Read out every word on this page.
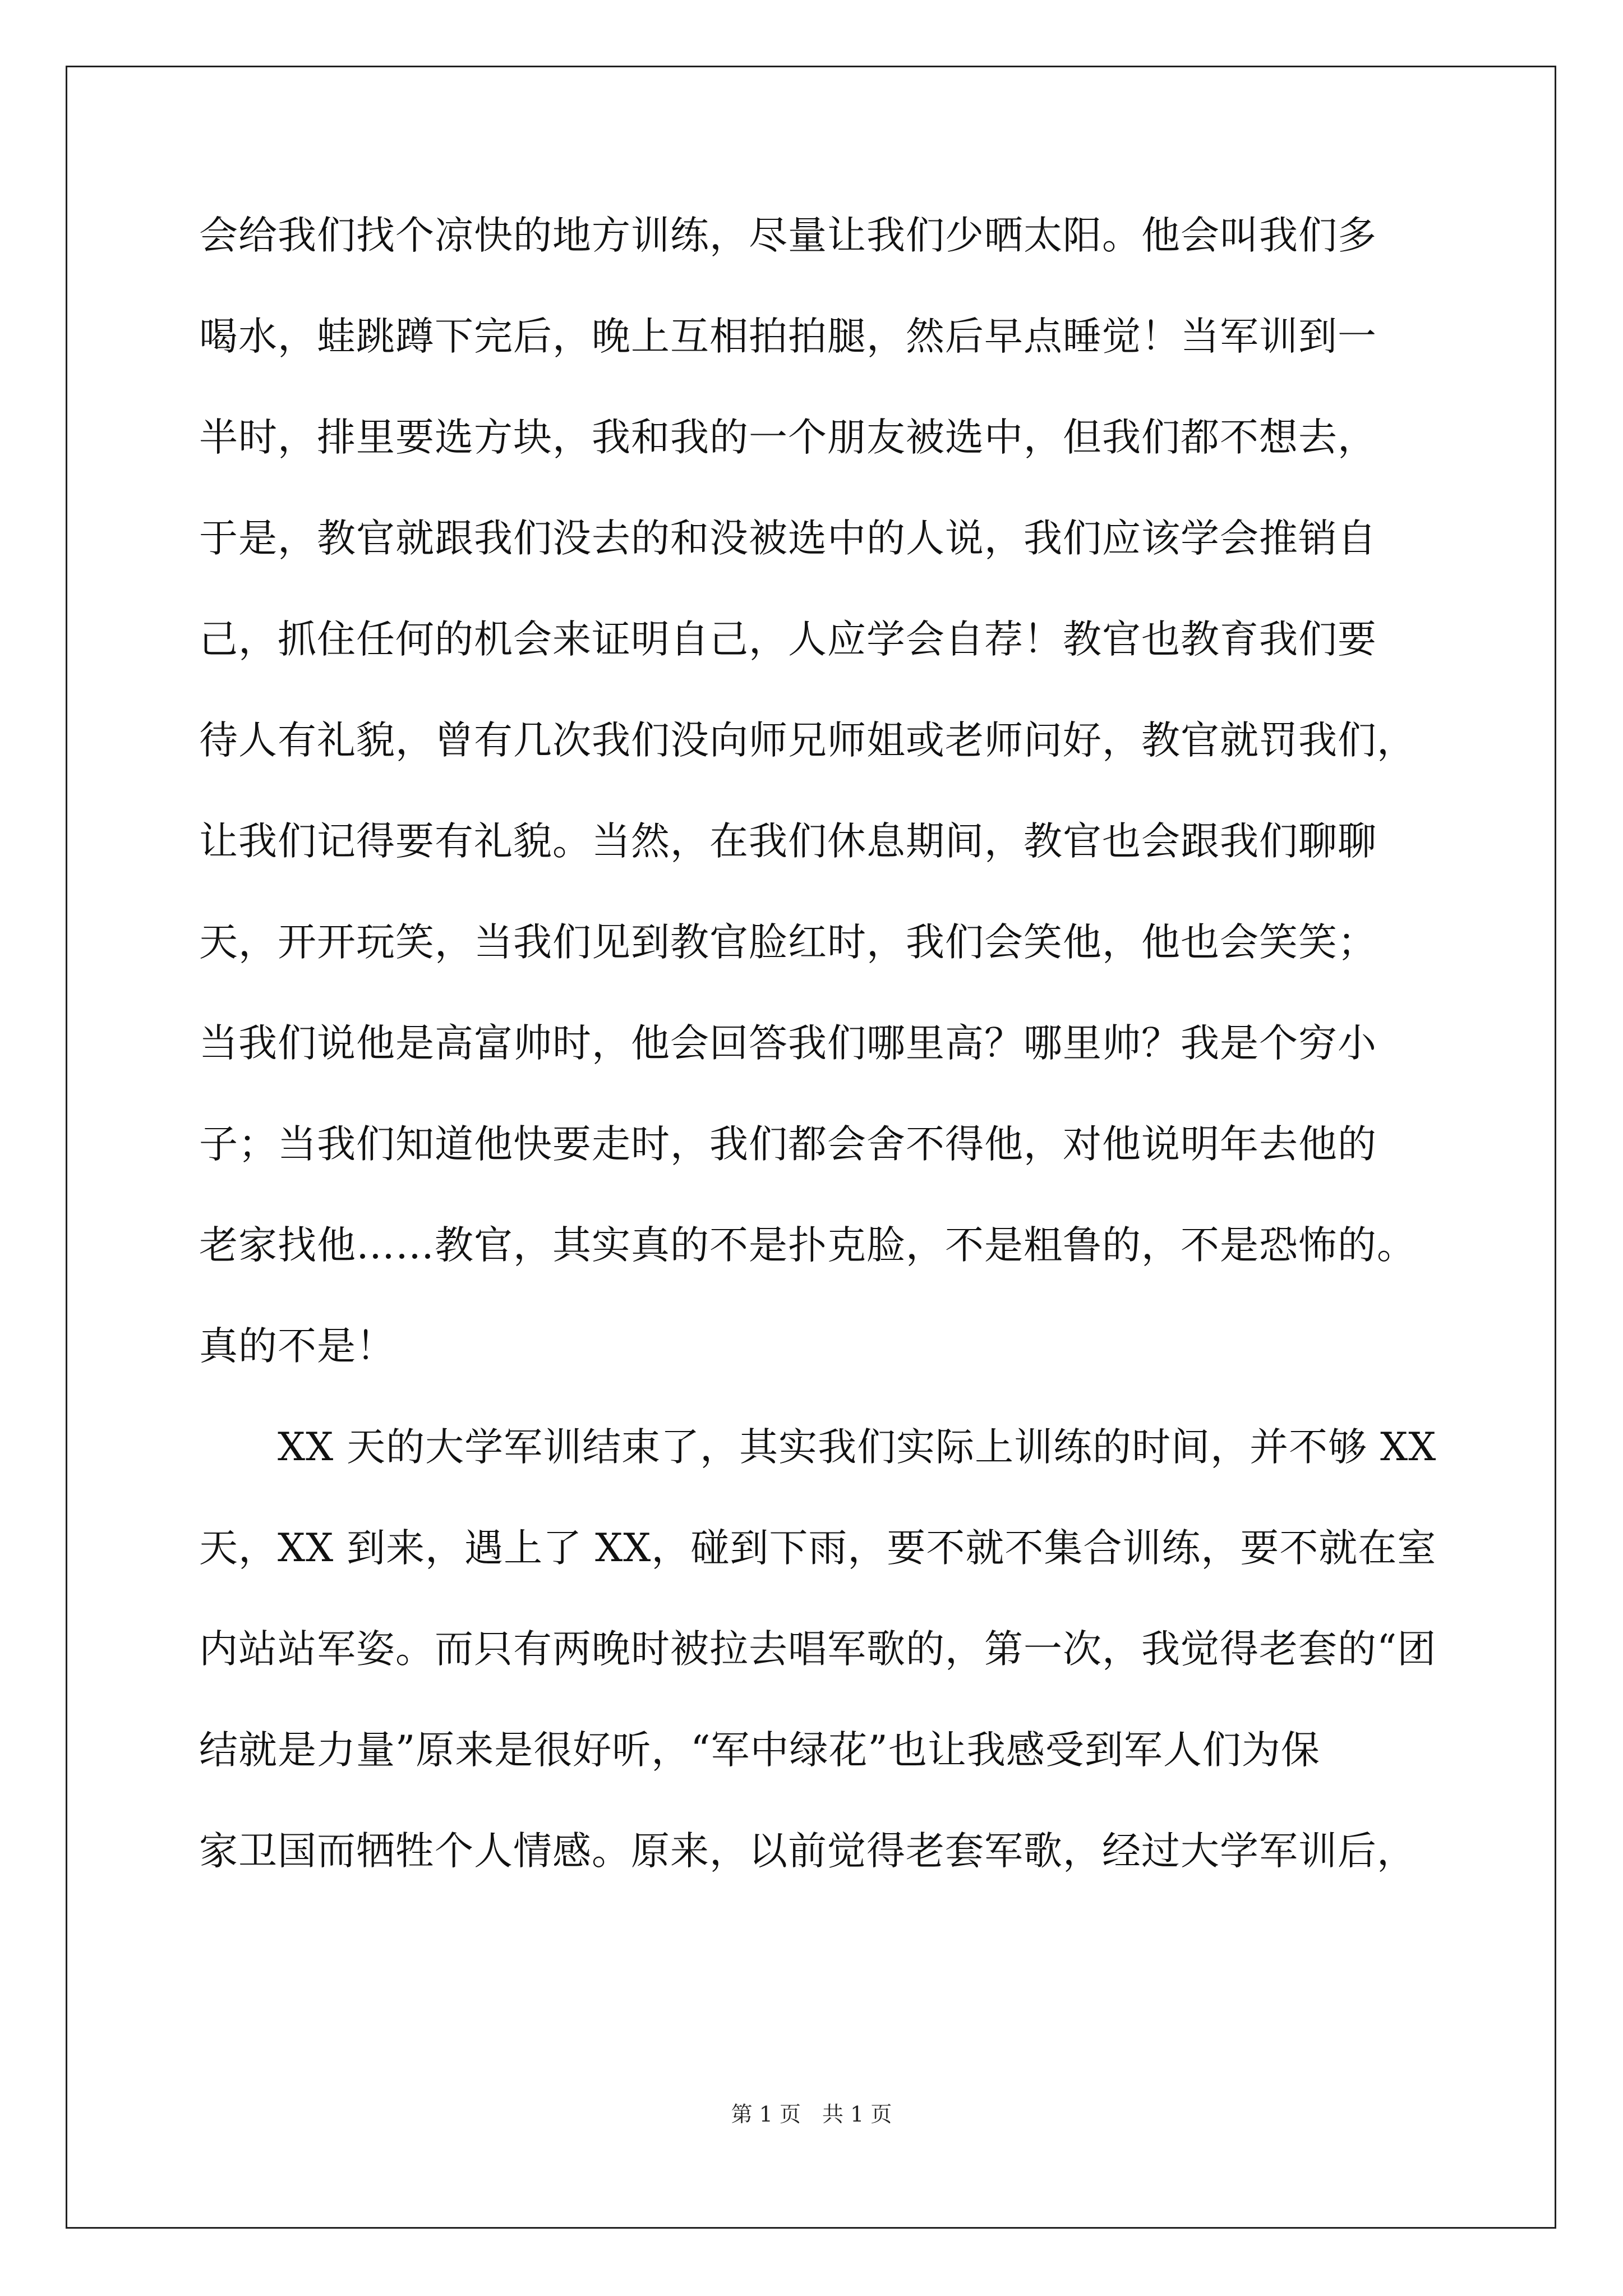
会给我们找个凉快的地方训练，尽量让我们少晒太阳。他会叫我们多
喝水，蛙跳蹲下完后，晚上互相拍拍腿，然后早点睡觉！当军训到一
半时，排里要选方块，我和我的一个朋友被选中，但我们都不想去，
于是，教官就跟我们没去的和没被选中的人说，我们应该学会推销自
己，抓住任何的机会来证明自己，人应学会自荐！教官也教育我们要
待人有礼貌，曾有几次我们没向师兄师姐或老师问好，教官就罚我们，
让我们记得要有礼貌。当然，在我们休息期间，教官也会跟我们聊聊
天，开开玩笑，当我们见到教官脸红时，我们会笑他，他也会笑笑；
当我们说他是高富帅时，他会回答我们哪里高？哪里帅？我是个穷小
子；当我们知道他快要走时，我们都会舍不得他，对他说明年去他的
老家找他……教官，其实真的不是扑克脸，不是粗鲁的，不是恐怖的。
真的不是！
　　XX 天的大学军训结束了，其实我们实际上训练的时间，并不够 XX
天，XX 到来，遇上了 XX，碰到下雨，要不就不集合训练，要不就在室
内站站军姿。而只有两晚时被拉去唱军歌的，第一次，我觉得老套的“团
结就是力量”原来是很好听，“军中绿花”也让我感受到军人们为保
家卫国而牺牲个人情感。原来，以前觉得老套军歌，经过大学军训后，
第 1 页　共 1 页
